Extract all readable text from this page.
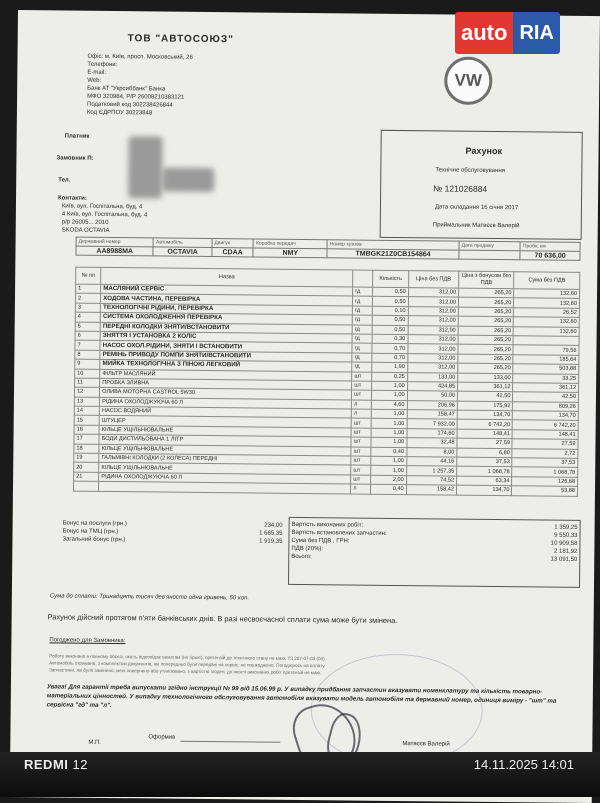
ТОВ "АВТОСОЮЗ"
Офіс: м. Київ, просп. Московський, 26
Телефони:
E-mail:
Web:
Банк АТ "Укрсиббанк" Банка
МФО 320984, Р/Р 26008210383121
Податковий код 302238426844
Код ЄДРПОУ 30223848
VW
Платник
Замовник П:
Тел.
Контакти:
Київ, вул. Госпітальна, буд. 4
4 Київ, вул. Госпітальна, буд. 4
р/р 26005... 2010
SKODA OCTAVIA
Рахунок
Технічне обслуговування
№ 121026884
Дата складання 16 січня 2017
Приймальник Матвєєв Валерій
Державний номер	Автомобіль	Двигун	Коробка передач	Номер кузова	Дата продажу	Пробіг, км
AA8988MA	OCTAVIA	CDAA	NMY	TMBGK21Z0CB154864		70 636,00
№ пп	Назва		Кількість	Ціна без ПДВ	Ціна з бонусом без ПДВ	Сума без ПДВ
1	МАСЛЯНИЙ СЕРВІС	гд	0,50	312,00	265,20	132,60
2	ХОДОВА ЧАСТИНА, ПЕРЕВІРКА	гд	0,50	312,00	265,20	132,60
3	ТЕХНОЛОГІЧНІ РІДИНИ, ПЕРЕВІРКА	гд	0,10	312,00	265,20	26,52
4	СИСТЕМА ОХОЛОДЖЕННЯ ПЕРЕВІРКА	гд	0,50	312,00	265,20	132,60
5	ПЕРЕДНІ КОЛОДКИ ЗНЯТИ/ВСТАНОВИТИ	гд	0,50	312,00	265,20	132,60
6	ЗНЯТТЯ І УСТАНОВКА 2 КОЛІС	гд	0,30	312,00	265,20	
7	НАСОС ОХОЛ.РІДИНИ, ЗНЯТИ І ВСТАНОВИТИ	гд	0,70	312,00	265,20	79,56
8	РЕМІНЬ ПРИВОДУ ПОМПИ ЗНЯТИ/ВСТАНОВИТИ	гд	0,70	312,00	265,20	185,64
9	МИЙКА ТЕХНОЛОГІЧНА З ПІНОЮ ЛЕГКОВИЙ	гд	1,90	312,00	265,20	503,88
10	ФІЛЬТР МАСЛЯНИЙ	шт	0,25	133,00	133,00	33,25
11	ПРОБКА ЗЛИВНА	шт	1,00	424,85	361,12	361,12
12	ОЛИВА МОТОРНА CASTROL 5W30	шт	1,00	50,00	42,50	42,50
13	РІДИНА ОХОЛОДЖУЮЧА 60 Л	л	4,60	206,96	175,92	809,26
14	НАСОС ВОДЯНИЙ	л	1,00	158,47	134,70	134,70
15	ШТУЦЕР	шт	1,00	7 932,00	6 742,20	6 742,20
16	КІЛЬЦЕ УЩІЛЬНЮВАЛЬНЕ	шт	1,00	174,60	148,41	148,41
17	БОДИ ДИСТИЛЬОВАНА 1 ЛІТР	шт	1,00	32,48	27,59	27,59
18	КІЛЬЦЕ УЩІЛЬНЮВАЛЬНЕ	шт	0,40	8,00	6,80	2,72
19	ГАЛЬМІВНІ КОЛОДКИ (2 КОЛЕСА) ПЕРЕДНІ	шт	1,00	44,16	37,53	37,53
20	КІЛЬЦЕ УЩІЛЬНЮВАЛЬНЕ	шт	1,00	1 257,35	1 068,78	1 068,78
21	РІДИНА ОХОЛОДЖУЮЧА 60 Л	шт	2,00	74,52	63,34	126,68
		л	0,40	158,42	134,70	53,88
Бонус на послуги (грн.)	234,00
Бонус на ТМЦ (грн.)	1 685,35
Загальний бонус (грн.)	1 919,35
Вартість виконаних робіт:	1 359,25
Вартість встановлених запчастин:	9 550,33
Сума без ПДВ , ГРН:	10 909,58
ПДВ (20%):	2 181,92
Всього:	13 091,50
Сума до сплати: Тринадцять тисяч дев'яносто одна гривень, 50 коп.
Рахунок дійсний протягом п'яти банківських днів. В разі несвоєчасної сплати сума може бути змінена.
Погоджено для Замовника:
Роботу виконано в повному обсязі, якість відповідає вимогам (не гірше), претензій до технічного стану не маю, ТЗ 207-07-03 (04).
Автомобіль отримано, з комплектом документів, які попередньо були передані на сервіс, не пошкоджено. Погоджуюсь на оплату.
Запчастини, які було замінено, мені повернено або утилізовано, з вартістю згоден, до якості виконаних робіт претензій не маю.
Увага! Для гарантії треба випускати згідно інструкції № 99 від 15.06.99 р. У випадку придбання запчастин вказувати номенклатуру та кількість товарно-матеріальних цінностей. У випадку технологічного обслуговування автомобіля вказувати модель автомобіля та державний номер, одиниця виміру - "шт" та сервісна "гд" та "л".
Оформив
Матвєєв Валерій
М.П.
auto RIA
REDMI 12	14.11.2025 14:01
